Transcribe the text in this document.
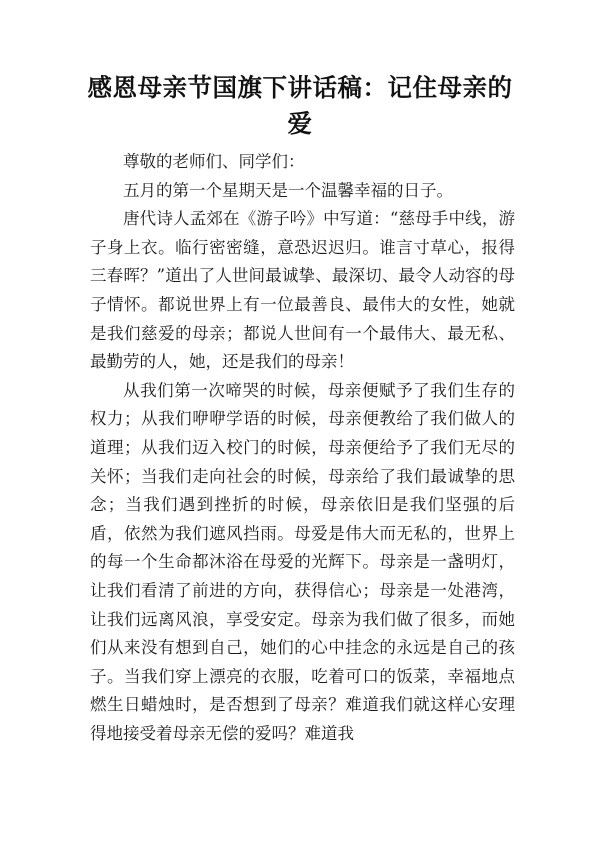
感恩母亲节国旗下讲话稿：记住母亲的爱

尊敬的老师们、同学们：

五月的第一个星期天是一个温馨幸福的日子。

唐代诗人孟郊在《游子吟》中写道：“慈母手中线，游子身上衣。临行密密缝，意恐迟迟归。谁言寸草心，报得三春晖？”道出了人世间最诚挚、最深切、最令人动容的母子情怀。都说世界上有一位最善良、最伟大的女性，她就是我们慈爱的母亲；都说人世间有一个最伟大、最无私、最勤劳的人，她，还是我们的母亲！

从我们第一次啼哭的时候，母亲便赋予了我们生存的权力；从我们咿咿学语的时候，母亲便教给了我们做人的道理；从我们迈入校门的时候，母亲便给予了我们无尽的关怀；当我们走向社会的时候，母亲给了我们最诚挚的思念；当我们遇到挫折的时候，母亲依旧是我们坚强的后盾，依然为我们遮风挡雨。母爱是伟大而无私的，世界上的每一个生命都沐浴在母爱的光辉下。母亲是一盏明灯，让我们看清了前进的方向，获得信心；母亲是一处港湾，让我们远离风浪，享受安定。母亲为我们做了很多，而她们从来没有想到自己，她们的心中挂念的永远是自己的孩子。当我们穿上漂亮的衣服，吃着可口的饭菜，幸福地点燃生日蜡烛时，是否想到了母亲？难道我们就这样心安理得地接受着母亲无偿的爱吗？难道我
